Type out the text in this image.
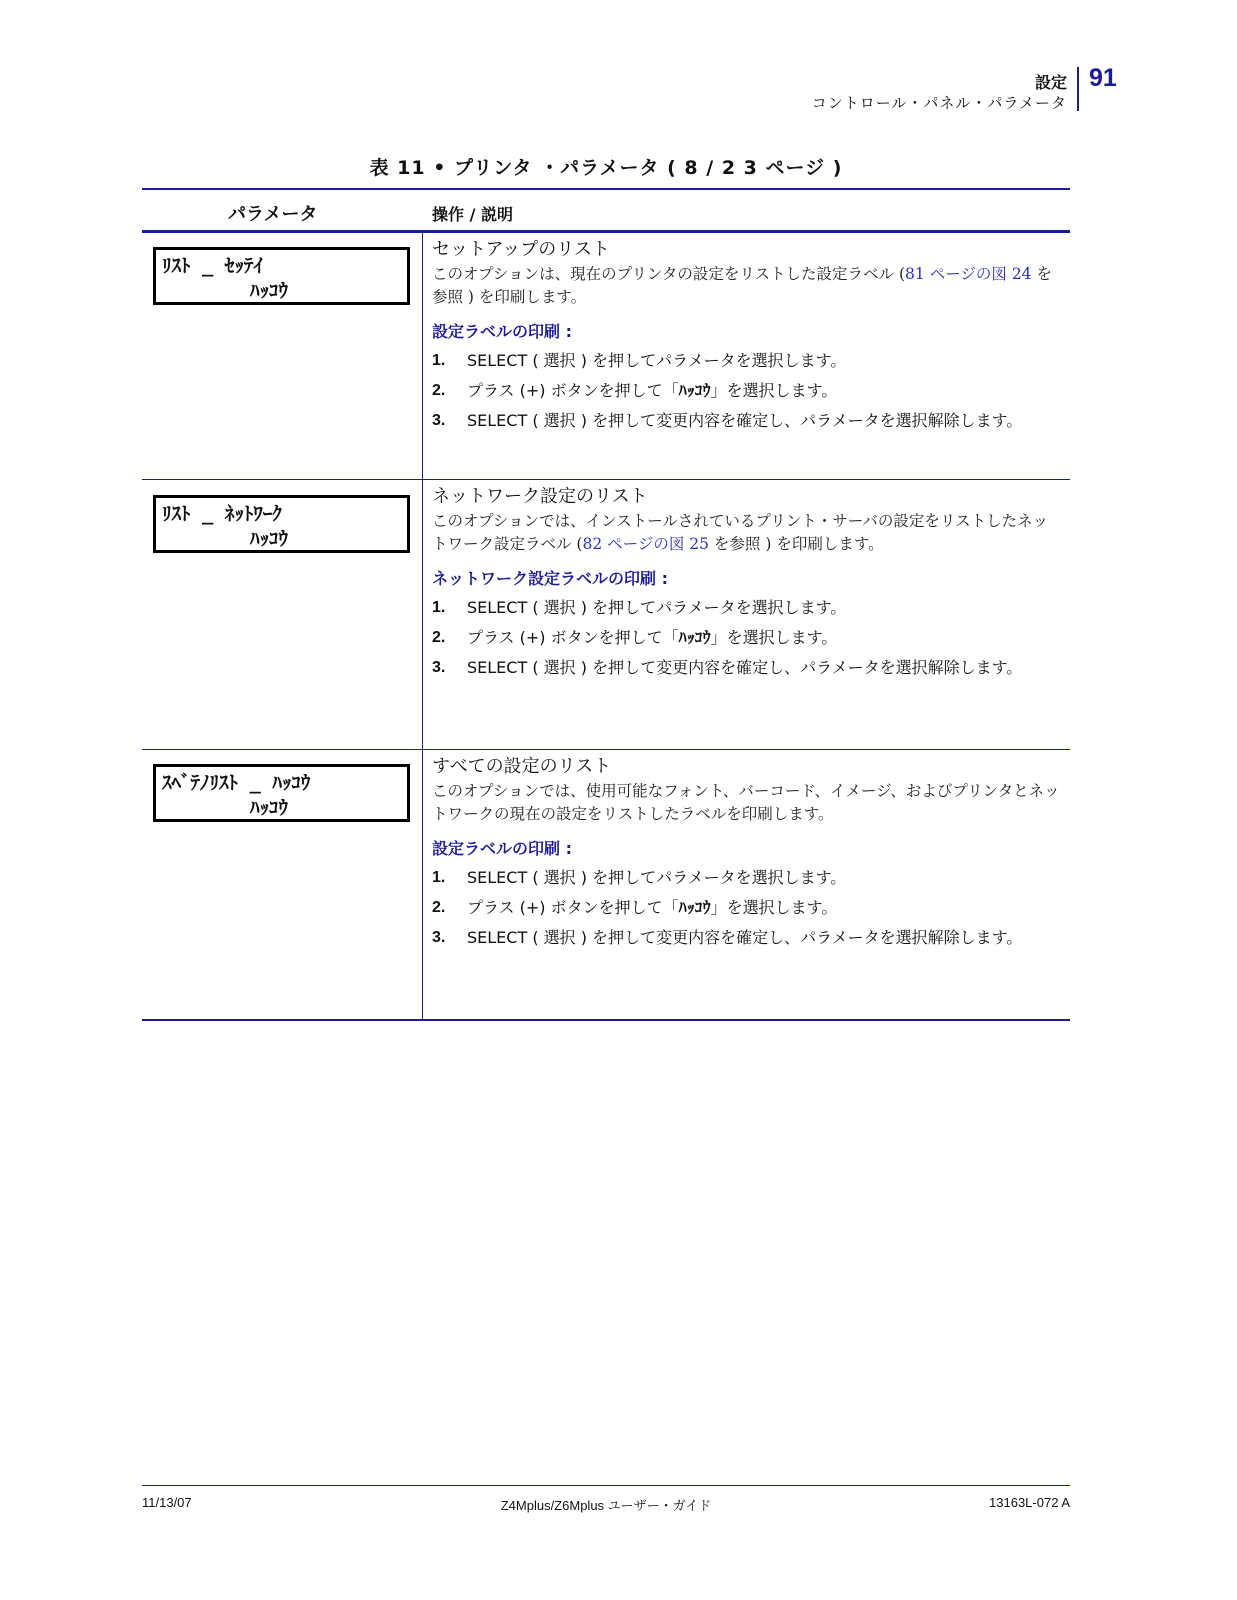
設定
コントロール・パネル・パラメータ
91
表 11 • プリンタ ・パラメータ ( 8 / 2 3 ページ )
パラメータ	操作 / 説明
ﾘｽﾄ _ ｾｯﾃｲ
ﾊｯｺｳ

セットアップのリスト

このオプションは、現在のプリンタの設定をリストした設定ラベル (81 ページの図 24 を参照 ) を印刷します。

設定ラベルの印刷 :
1. SELECT ( 選択 ) を押してパラメータを選択します。
2. プラス (+) ボタンを押して「ﾊｯｺｳ」を選択します。
3. SELECT ( 選択 ) を押して変更内容を確定し、パラメータを選択解除します。
ﾘｽﾄ _ ﾈｯﾄﾜｰｸ
ﾊｯｺｳ

ネットワーク設定のリスト

このオプションでは、インストールされているプリント・サーバの設定をリストしたネットワーク設定ラベル (82 ページの図 25 を参照 ) を印刷します。

ネットワーク設定ラベルの印刷 :
1. SELECT ( 選択 ) を押してパラメータを選択します。
2. プラス (+) ボタンを押して「ﾊｯｺｳ」を選択します。
3. SELECT ( 選択 ) を押して変更内容を確定し、パラメータを選択解除します。
ｽﾍﾞﾃﾉﾘｽﾄ _ ﾊｯｺｳ
ﾊｯｺｳ

すべての設定のリスト

このオプションでは、使用可能なフォント、バーコード、イメージ、およびプリンタとネットワークの現在の設定をリストしたラベルを印刷します。

設定ラベルの印刷 :
1. SELECT ( 選択 ) を押してパラメータを選択します。
2. プラス (+) ボタンを押して「ﾊｯｺｳ」を選択します。
3. SELECT ( 選択 ) を押して変更内容を確定し、パラメータを選択解除します。
11/13/07	Z4Mplus/Z6Mplus ユーザー・ガイド	13163L-072 A
